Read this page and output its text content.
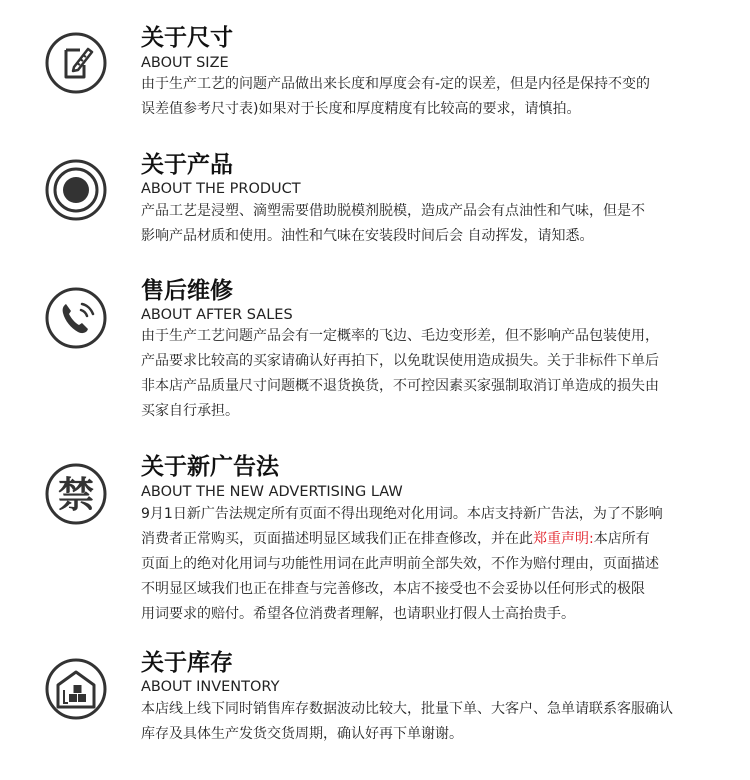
关于尺寸
ABOUT SIZE
由于生产工艺的问题产品做出来长度和厚度会有-定的误差，但是内径是保持不变的
误差值参考尺寸表)如果对于长度和厚度精度有比较高的要求，请慎拍。
关于产品
ABOUT THE PRODUCT
产品工艺是浸塑、滴塑需要借助脱模剂脱模，造成产品会有点油性和气味，但是不
影响产品材质和使用。油性和气味在安装段时间后会 自动挥发，请知悉。
售后维修
ABOUT AFTER SALES
由于生产工艺问题产品会有一定概率的飞边、毛边变形差，但不影响产品包装使用，
产品要求比较高的买家请确认好再拍下，以免耽误使用造成损失。关于非标件下单后
非本店产品质量尺寸问题概不退货换货，不可控因素买家强制取消订单造成的损失由
买家自行承担。
禁
关于新广告法
ABOUT THE NEW ADVERTISING LAW
9月1日新广告法规定所有页面不得出现绝对化用词。本店支持新广告法，为了不影响
消费者正常购买，页面描述明显区域我们正在排查修改，并在此郑重声明:本店所有
页面上的绝对化用词与功能性用词在此声明前全部失效，不作为赔付理由，页面描述
不明显区域我们也正在排查与完善修改，本店不接受也不会妥协以任何形式的极限
用词要求的赔付。希望各位消费者理解，也请职业打假人士高抬贵手。
关于库存
ABOUT INVENTORY
本店线上线下同时销售库存数据波动比较大，批量下单、大客户、急单请联系客服确认
库存及具体生产发货交货周期，确认好再下单谢谢。
